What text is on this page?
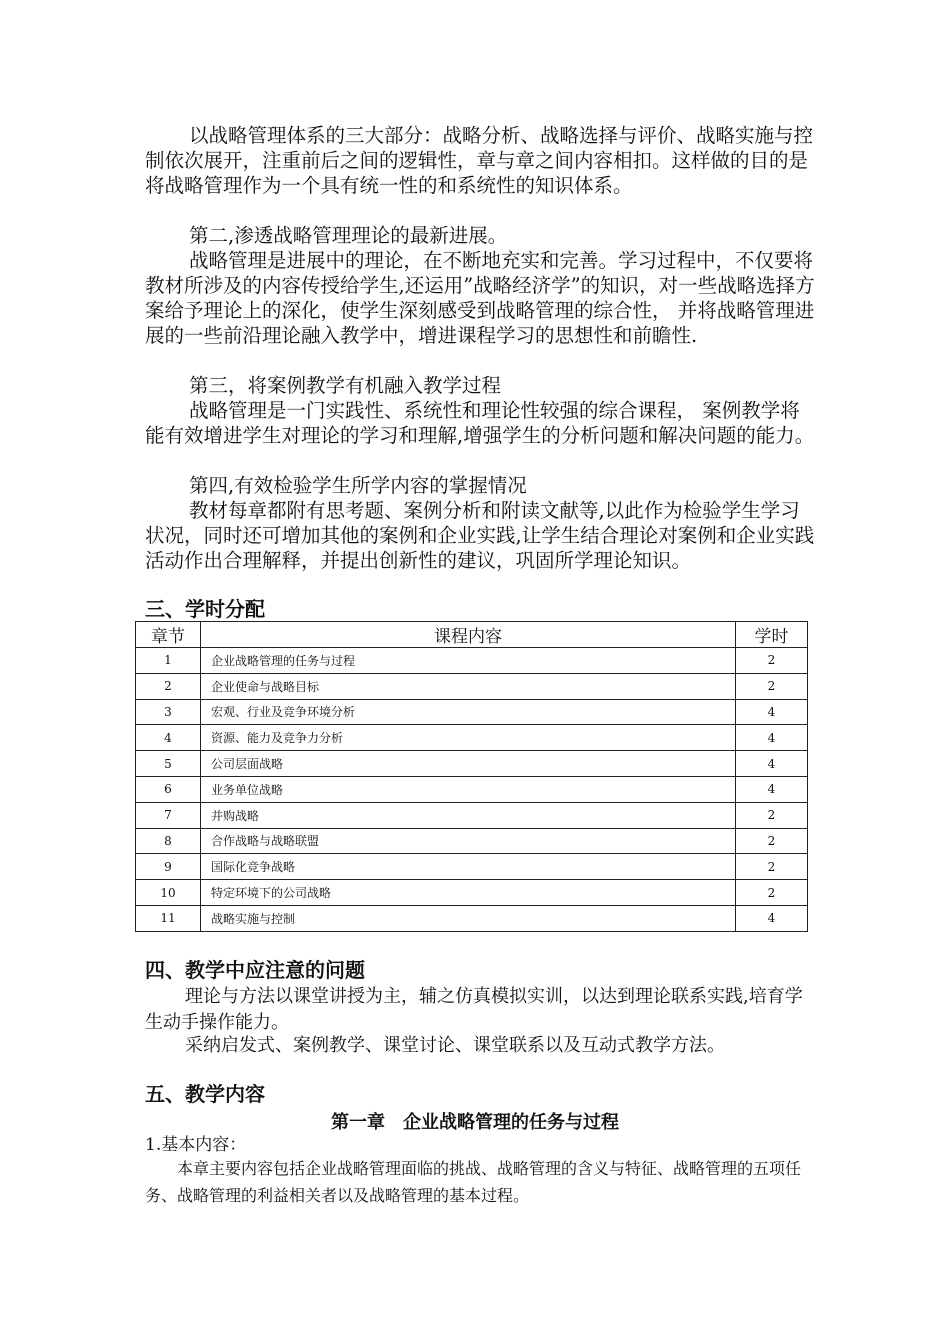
以战略管理体系的三大部分：战略分析、战略选择与评价、战略实施与控制依次展开，注重前后之间的逻辑性，章与章之间内容相扣。这样做的目的是将战略管理作为一个具有统一性的和系统性的知识体系。

第二,渗透战略管理理论的最新进展。

战略管理是进展中的理论，在不断地充实和完善。学习过程中，不仅要将教材所涉及的内容传授给学生,还运用”战略经济学”的知识，对一些战略选择方案给予理论上的深化，使学生深刻感受到战略管理的综合性， 并将战略管理进展的一些前沿理论融入教学中，增进课程学习的思想性和前瞻性.

第三，将案例教学有机融入教学过程

战略管理是一门实践性、系统性和理论性较强的综合课程， 案例教学将能有效增进学生对理论的学习和理解,增强学生的分析问题和解决问题的能力。

第四,有效检验学生所学内容的掌握情况

教材每章都附有思考题、案例分析和附读文献等,以此作为检验学生学习状况，同时还可增加其他的案例和企业实践,让学生结合理论对案例和企业实践活动作出合理解释，并提出创新性的建议，巩固所学理论知识。

三、学时分配
章节	课程内容	学时
1	企业战略管理的任务与过程	2
2	企业使命与战略目标	2
3	宏观、行业及竞争环境分析	4
4	资源、能力及竞争力分析	4
5	公司层面战略	4
6	业务单位战略	4
7	并购战略	2
8	合作战略与战略联盟	2
9	国际化竞争战略	2
10	特定环境下的公司战略	2
11	战略实施与控制	4
四、教学中应注意的问题

理论与方法以课堂讲授为主，辅之仿真模拟实训，以达到理论联系实践,培育学生动手操作能力。

采纳启发式、案例教学、课堂讨论、课堂联系以及互动式教学方法。

五、教学内容
第一章　企业战略管理的任务与过程

1.基本内容：

本章主要内容包括企业战略管理面临的挑战、战略管理的含义与特征、战略管理的五项任务、战略管理的利益相关者以及战略管理的基本过程。
